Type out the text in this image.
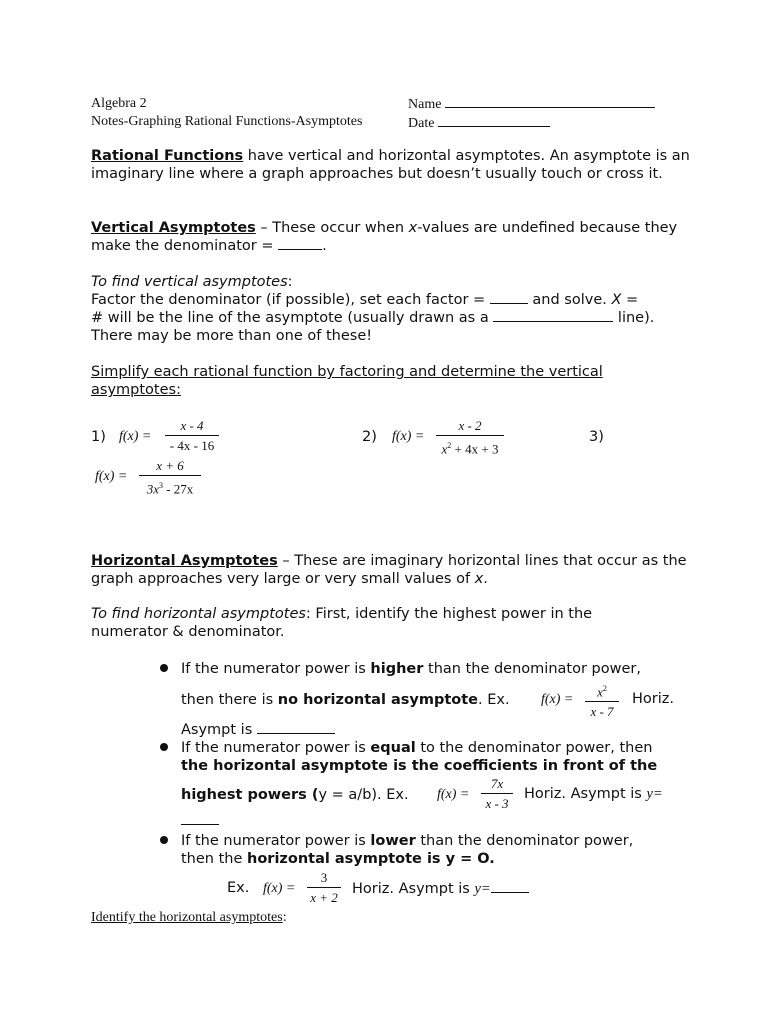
Algebra 2
Notes-Graphing Rational Functions-Asymptotes
Name
Date

Rational Functions have vertical and horizontal asymptotes. An asymptote is an imaginary line where a graph approaches but doesn’t usually touch or cross it.

Vertical Asymptotes – These occur when x-values are undefined because they make the denominator =	.

To find vertical asymptotes:
Factor the denominator (if possible), set each factor =	and solve. X =
# will be the line of the asymptote (usually drawn as a	line).
There may be more than one of these!

Simplify each rational function by factoring and determine the vertical asymptotes:

1) $f(x) = \frac{x - 4}{- 4x - 16}$	2) $f(x) = \frac{x - 2}{x^2 + 4x + 3}$	3)
$f(x) = \frac{x + 6}{3x^3 - 27x}$

Horizontal Asymptotes – These are imaginary horizontal lines that occur as the graph approaches very large or very small values of x.

To find horizontal asymptotes: First, identify the highest power in the numerator & denominator.

If the numerator power is higher than the denominator power,
then there is no horizontal asymptote. Ex. $f(x) = \frac{x^2}{x - 7}$ Horiz.
Asympt is
If the numerator power is equal to the denominator power, then
the horizontal asymptote is the coefficients in front of the
highest powers (y = a/b). Ex. $f(x) = \frac{7x}{x - 3}$ Horiz. Asympt is y=
If the numerator power is lower than the denominator power,
then the horizontal asymptote is y = O.
Ex. $f(x) = \frac{3}{x + 2}$ Horiz. Asympt is y=
Identify the horizontal asymptotes:
